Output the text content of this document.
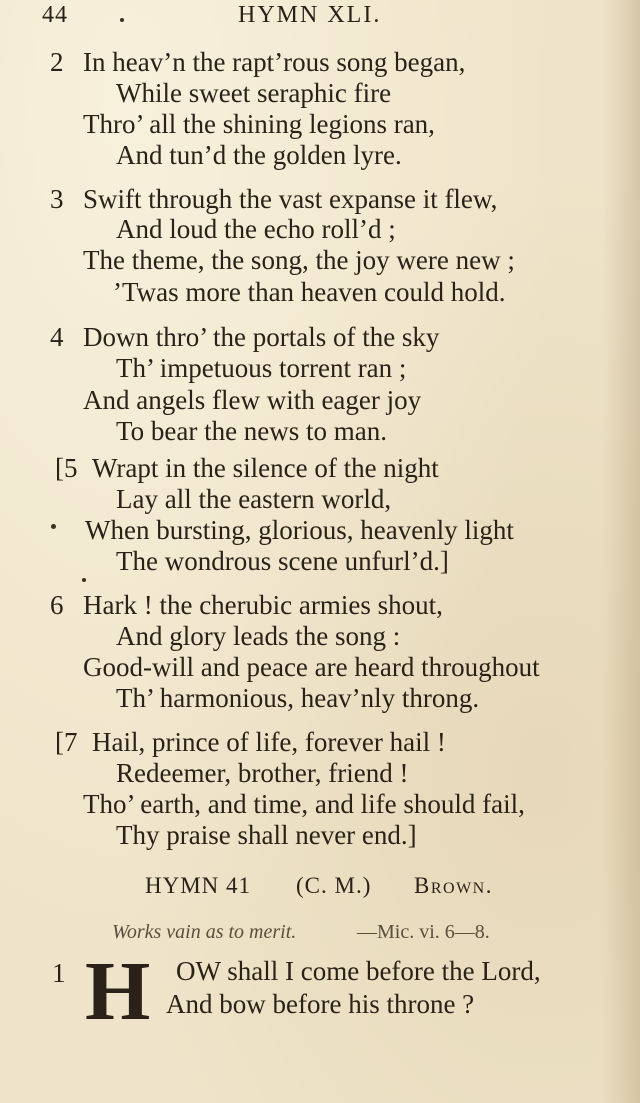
44	HYMN XLI.
2 In heav’n the rapt’rous song began,
While sweet seraphic fire
Thro’ all the shining legions ran,
And tun’d the golden lyre.
3 Swift through the vast expanse it flew,
And loud the echo roll’d ;
The theme, the song, the joy were new ;
’Twas more than heaven could hold.
4 Down thro’ the portals of the sky
Th’ impetuous torrent ran ;
And angels flew with eager joy
To bear the news to man.
[5 Wrapt in the silence of the night
Lay all the eastern world,
When bursting, glorious, heavenly light
The wondrous scene unfurl’d.]
6 Hark ! the cherubic armies shout,
And glory leads the song :
Good-will and peace are heard throughout
Th’ harmonious, heav’nly throng.
[7 Hail, prince of life, forever hail !
Redeemer, brother, friend !
Tho’ earth, and time, and life should fail,
Thy praise shall never end.]
HYMN 41 (C. M.) Brown.
Works vain as to merit.	—Mic. vi. 6—8.
1 H OW shall I come before the Lord,
And bow before his throne ?
